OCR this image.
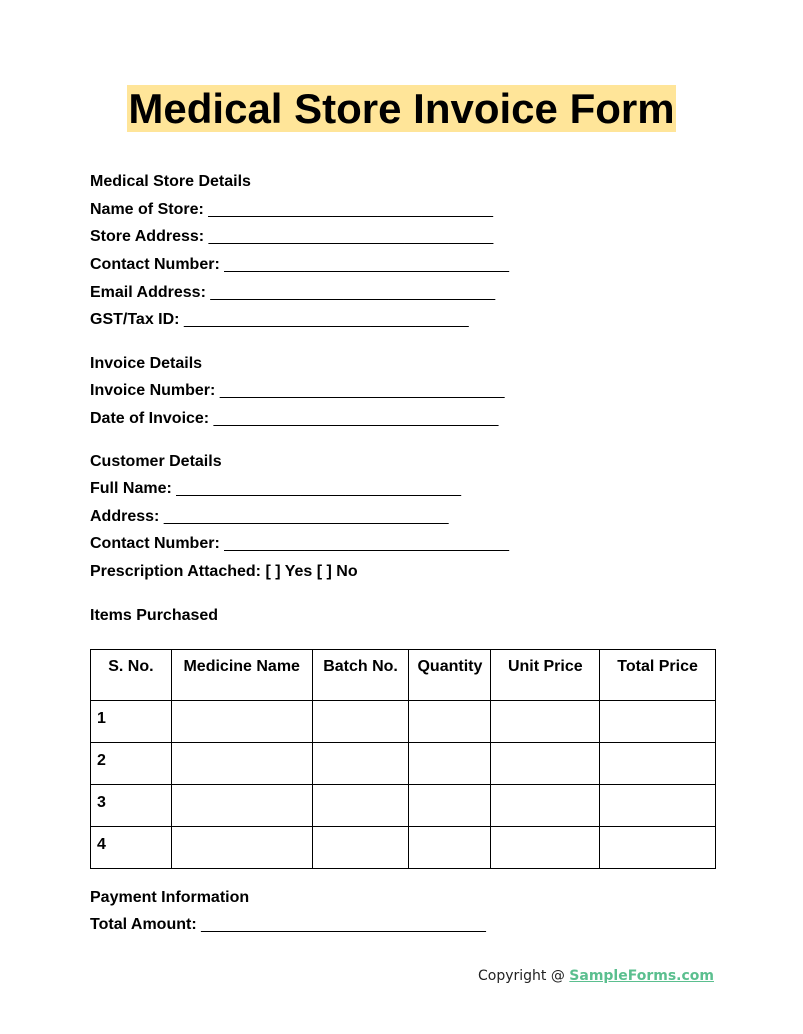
Medical Store Invoice Form
Medical Store Details
Name of Store: ________________________________
Store Address: ________________________________
Contact Number: ________________________________
Email Address: ________________________________
GST/Tax ID: ________________________________
Invoice Details
Invoice Number: ________________________________
Date of Invoice: ________________________________
Customer Details
Full Name: ________________________________
Address: ________________________________
Contact Number: ________________________________
Prescription Attached: [ ] Yes [ ] No
Items Purchased
S. No.	Medicine Name	Batch No.	Quantity	Unit Price	Total Price
1					
2					
3					
4					
Payment Information
Total Amount: ________________________________
Copyright @ SampleForms.com
